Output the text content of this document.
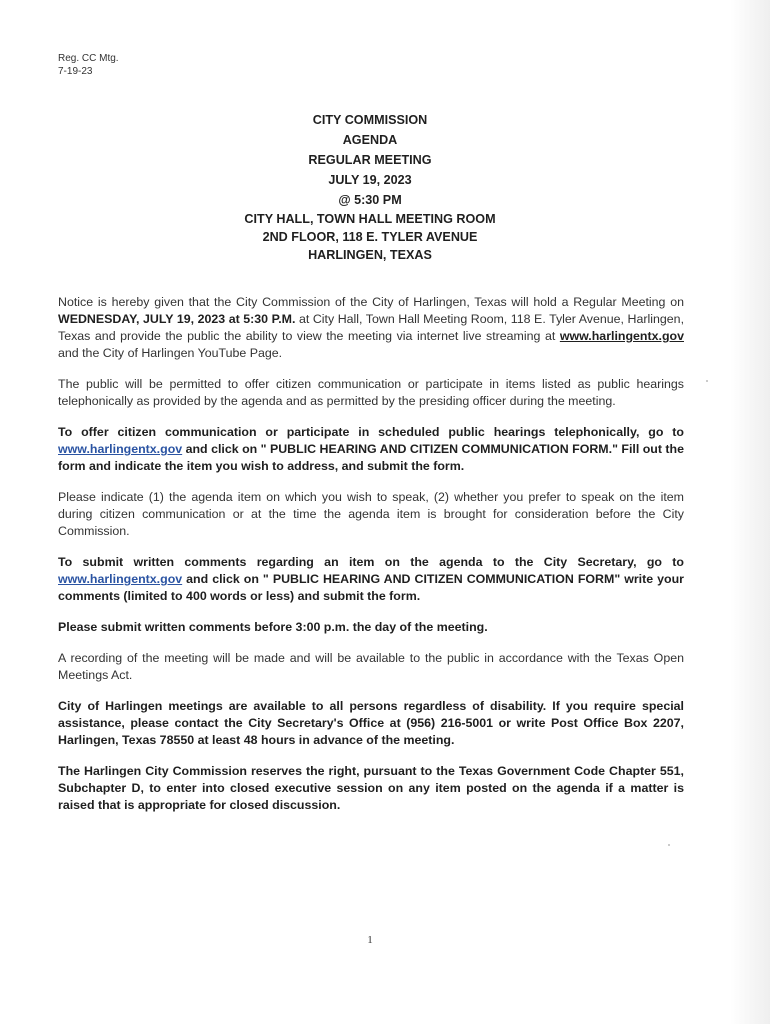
Reg. CC Mtg.
7-19-23
CITY COMMISSION
AGENDA
REGULAR MEETING
JULY 19, 2023
@ 5:30 PM
CITY HALL, TOWN HALL MEETING ROOM
2ND FLOOR, 118 E. TYLER AVENUE
HARLINGEN, TEXAS

Notice is hereby given that the City Commission of the City of Harlingen, Texas will hold a Regular Meeting on WEDNESDAY, JULY 19, 2023 at 5:30 P.M. at City Hall, Town Hall Meeting Room, 118 E. Tyler Avenue, Harlingen, Texas and provide the public the ability to view the meeting via internet live streaming at www.harlingentx.gov and the City of Harlingen YouTube Page.

The public will be permitted to offer citizen communication or participate in items listed as public hearings telephonically as provided by the agenda and as permitted by the presiding officer during the meeting.

To offer citizen communication or participate in scheduled public hearings telephonically, go to www.harlingentx.gov and click on " PUBLIC HEARING AND CITIZEN COMMUNICATION FORM." Fill out the form and indicate the item you wish to address, and submit the form.

Please indicate (1) the agenda item on which you wish to speak, (2) whether you prefer to speak on the item during citizen communication or at the time the agenda item is brought for consideration before the City Commission.

To submit written comments regarding an item on the agenda to the City Secretary, go to www.harlingentx.gov and click on " PUBLIC HEARING AND CITIZEN COMMUNICATION FORM" write your comments (limited to 400 words or less) and submit the form.

Please submit written comments before 3:00 p.m. the day of the meeting.

A recording of the meeting will be made and will be available to the public in accordance with the Texas Open Meetings Act.

City of Harlingen meetings are available to all persons regardless of disability. If you require special assistance, please contact the City Secretary's Office at (956) 216-5001 or write Post Office Box 2207, Harlingen, Texas 78550 at least 48 hours in advance of the meeting.

The Harlingen City Commission reserves the right, pursuant to the Texas Government Code Chapter 551, Subchapter D, to enter into closed executive session on any item posted on the agenda if a matter is raised that is appropriate for closed discussion.

1
